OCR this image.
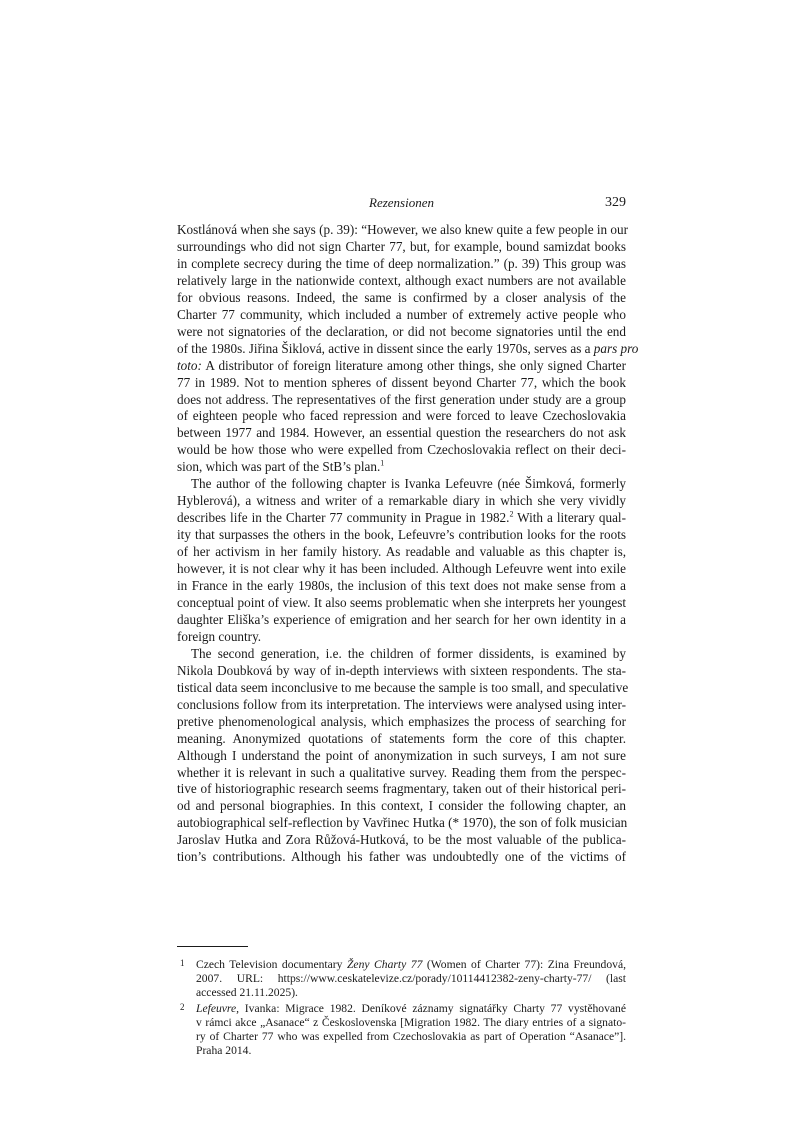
Rezensionen	329

Kostlánová when she says (p. 39): “However, we also knew quite a few people in our
surroundings who did not sign Charter 77, but, for example, bound samizdat books
in complete secrecy during the time of deep normalization.” (p. 39) This group was
relatively large in the nationwide context, although exact numbers are not available
for obvious reasons. Indeed, the same is confirmed by a closer analysis of the
Charter 77 community, which included a number of extremely active people who
were not signatories of the declaration, or did not become signatories until the end
of the 1980s. Jiřina Šiklová, active in dissent since the early 1970s, serves as a pars pro
toto: A distributor of foreign literature among other things, she only signed Charter
77 in 1989. Not to mention spheres of dissent beyond Charter 77, which the book
does not address. The representatives of the first generation under study are a group
of eighteen people who faced repression and were forced to leave Czechoslovakia
between 1977 and 1984. However, an essential question the researchers do not ask
would be how those who were expelled from Czechoslovakia reflect on their deci-
sion, which was part of the StB’s plan.$^1$

The author of the following chapter is Ivanka Lefeuvre (née Šimková, formerly
Hyblerová), a witness and writer of a remarkable diary in which she very vividly
describes life in the Charter 77 community in Prague in 1982.$^2$ With a literary qual-
ity that surpasses the others in the book, Lefeuvre’s contribution looks for the roots
of her activism in her family history. As readable and valuable as this chapter is,
however, it is not clear why it has been included. Although Lefeuvre went into exile
in France in the early 1980s, the inclusion of this text does not make sense from a
conceptual point of view. It also seems problematic when she interprets her youngest
daughter Eliška’s experience of emigration and her search for her own identity in a
foreign country.

The second generation, i.e. the children of former dissidents, is examined by
Nikola Doubková by way of in-depth interviews with sixteen respondents. The sta-
tistical data seem inconclusive to me because the sample is too small, and speculative
conclusions follow from its interpretation. The interviews were analysed using inter-
pretive phenomenological analysis, which emphasizes the process of searching for
meaning. Anonymized quotations of statements form the core of this chapter.
Although I understand the point of anonymization in such surveys, I am not sure
whether it is relevant in such a qualitative survey. Reading them from the perspec-
tive of historiographic research seems fragmentary, taken out of their historical peri-
od and personal biographies. In this context, I consider the following chapter, an
autobiographical self-reflection by Vavřinec Hutka (* 1970), the son of folk musician
Jaroslav Hutka and Zora Růžová-Hutková, to be the most valuable of the publica-
tion’s contributions. Although his father was undoubtedly one of the victims of

1 Czech Television documentary Ženy Charty 77 (Women of Charter 77): Zina Freundová,
2007. URL: https://www.ceskatelevize.cz/porady/10114412382-zeny-charty-77/ (last
accessed 21.11.2025).
2 Lefeuvre, Ivanka: Migrace 1982. Deníkové záznamy signatářky Charty 77 vystěhované
v rámci akce „Asanace“ z Československa [Migration 1982. The diary entries of a signato-
ry of Charter 77 who was expelled from Czechoslovakia as part of Operation “Asanace”].
Praha 2014.
